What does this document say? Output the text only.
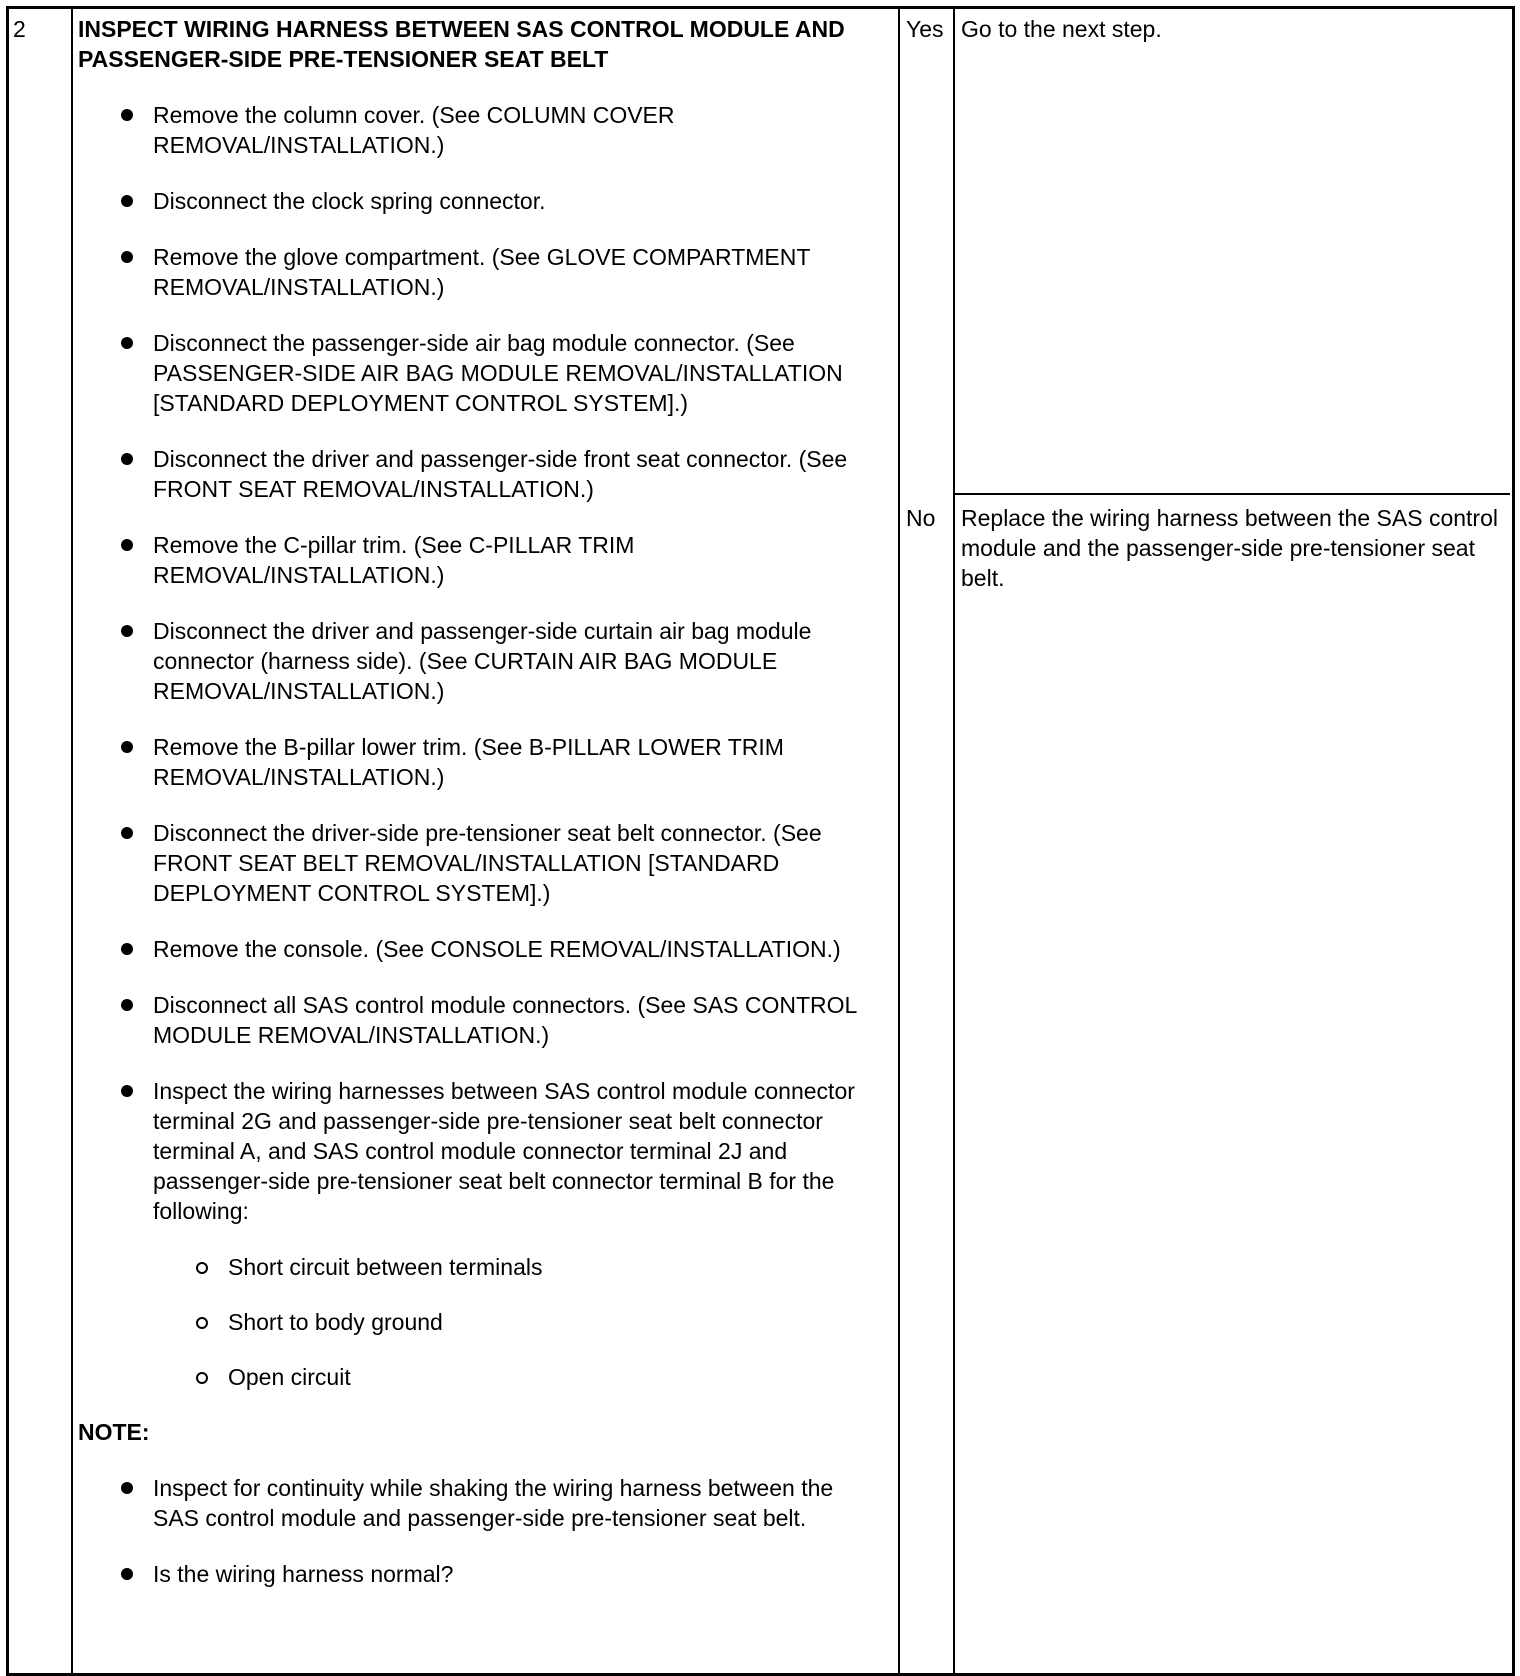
2 INSPECT WIRING HARNESS BETWEEN SAS CONTROL MODULE AND PASSENGER-SIDE PRE-TENSIONER SEAT BELT
Remove the column cover. (See COLUMN COVER REMOVAL/INSTALLATION.)
Disconnect the clock spring connector.
Remove the glove compartment. (See GLOVE COMPARTMENT REMOVAL/INSTALLATION.)
Disconnect the passenger-side air bag module connector. (See PASSENGER-SIDE AIR BAG MODULE REMOVAL/INSTALLATION [STANDARD DEPLOYMENT CONTROL SYSTEM].)
Disconnect the driver and passenger-side front seat connector. (See FRONT SEAT REMOVAL/INSTALLATION.)
Remove the C-pillar trim. (See C-PILLAR TRIM REMOVAL/INSTALLATION.)
Disconnect the driver and passenger-side curtain air bag module connector (harness side). (See CURTAIN AIR BAG MODULE REMOVAL/INSTALLATION.)
Remove the B-pillar lower trim. (See B-PILLAR LOWER TRIM REMOVAL/INSTALLATION.)
Disconnect the driver-side pre-tensioner seat belt connector. (See FRONT SEAT BELT REMOVAL/INSTALLATION [STANDARD DEPLOYMENT CONTROL SYSTEM].)
Remove the console. (See CONSOLE REMOVAL/INSTALLATION.)
Disconnect all SAS control module connectors. (See SAS CONTROL MODULE REMOVAL/INSTALLATION.)
Inspect the wiring harnesses between SAS control module connector terminal 2G and passenger-side pre-tensioner seat belt connector terminal A, and SAS control module connector terminal 2J and passenger-side pre-tensioner seat belt connector terminal B for the following:
Short circuit between terminals
Short to body ground
Open circuit
NOTE:
Inspect for continuity while shaking the wiring harness between the SAS control module and passenger-side pre-tensioner seat belt.
Is the wiring harness normal?
Yes Go to the next step.
No Replace the wiring harness between the SAS control module and the passenger-side pre-tensioner seat belt.
